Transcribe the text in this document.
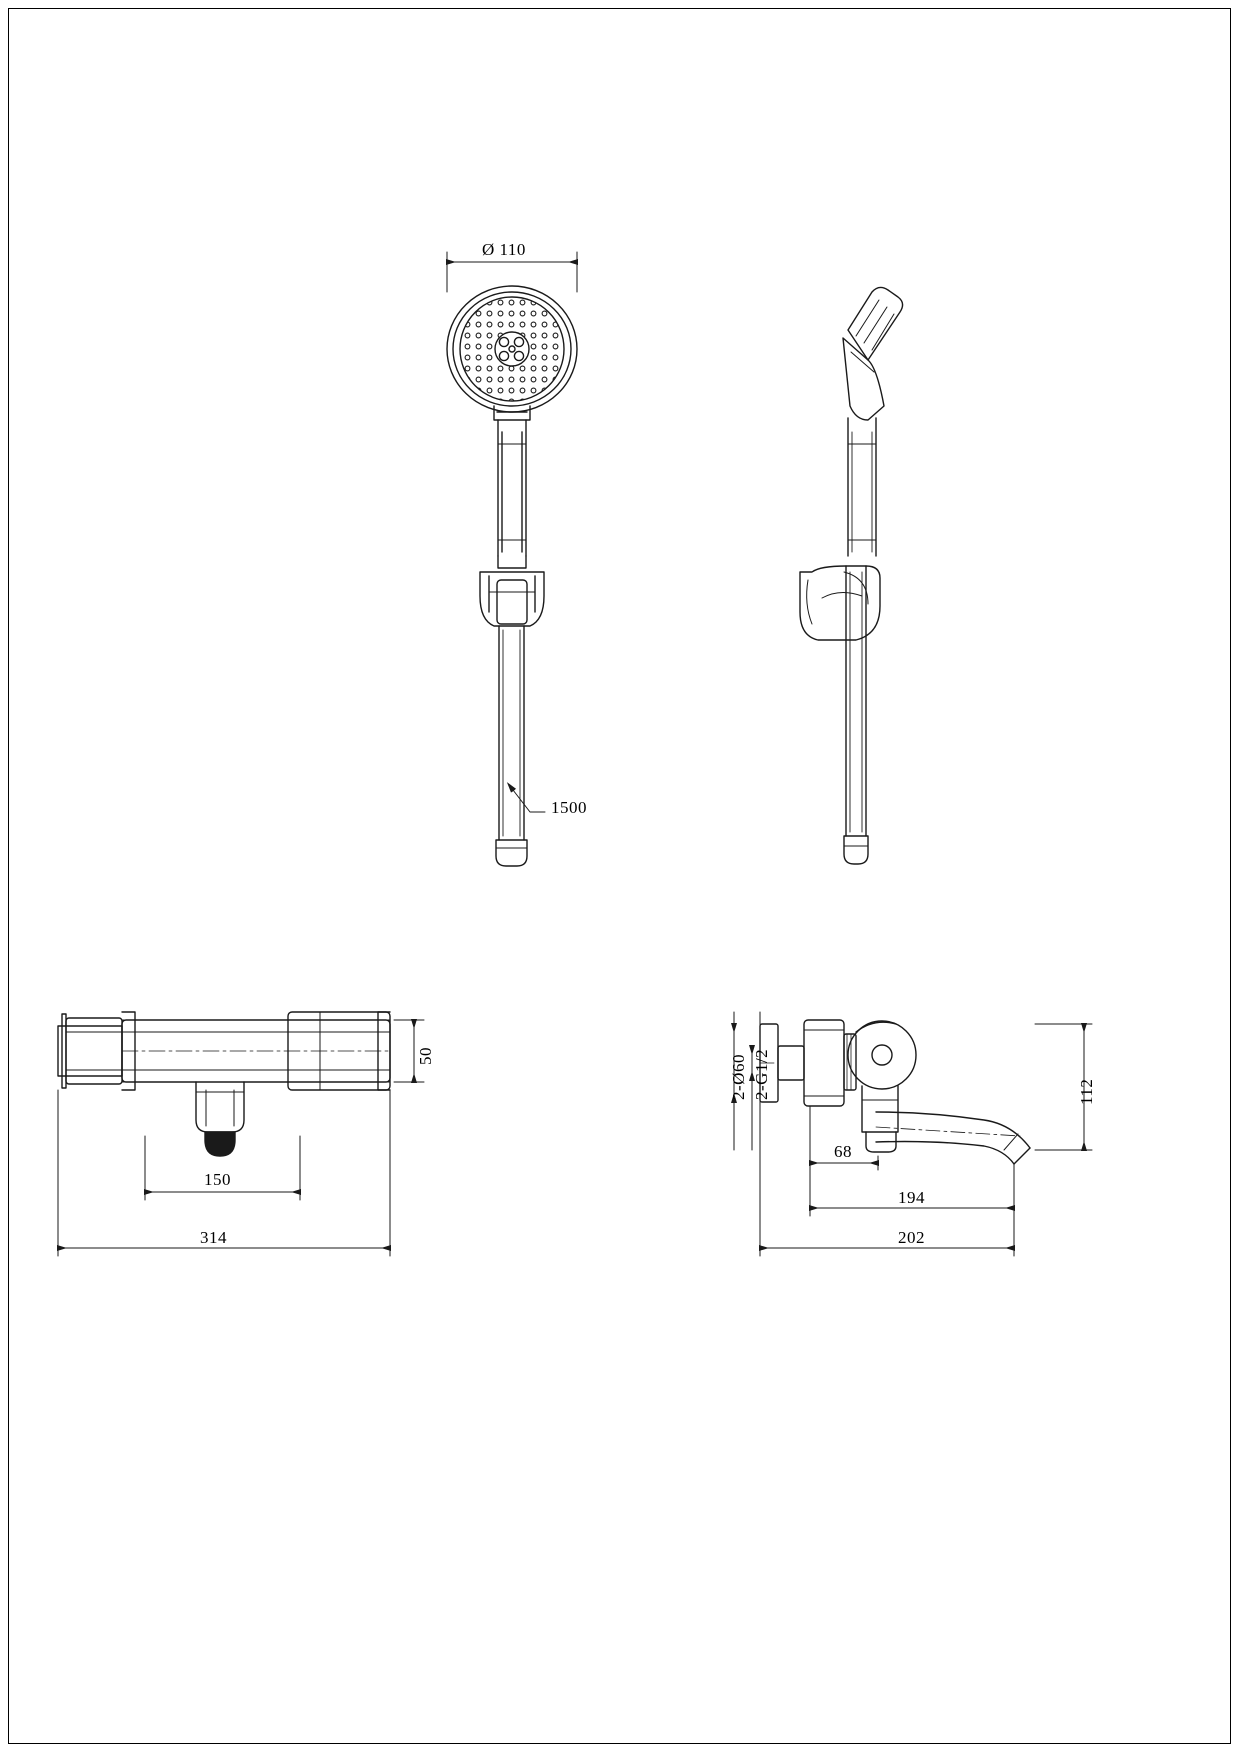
Ø 110
1500
50
150
314
2-Ø60 2-G1/2	112
68
194
202
